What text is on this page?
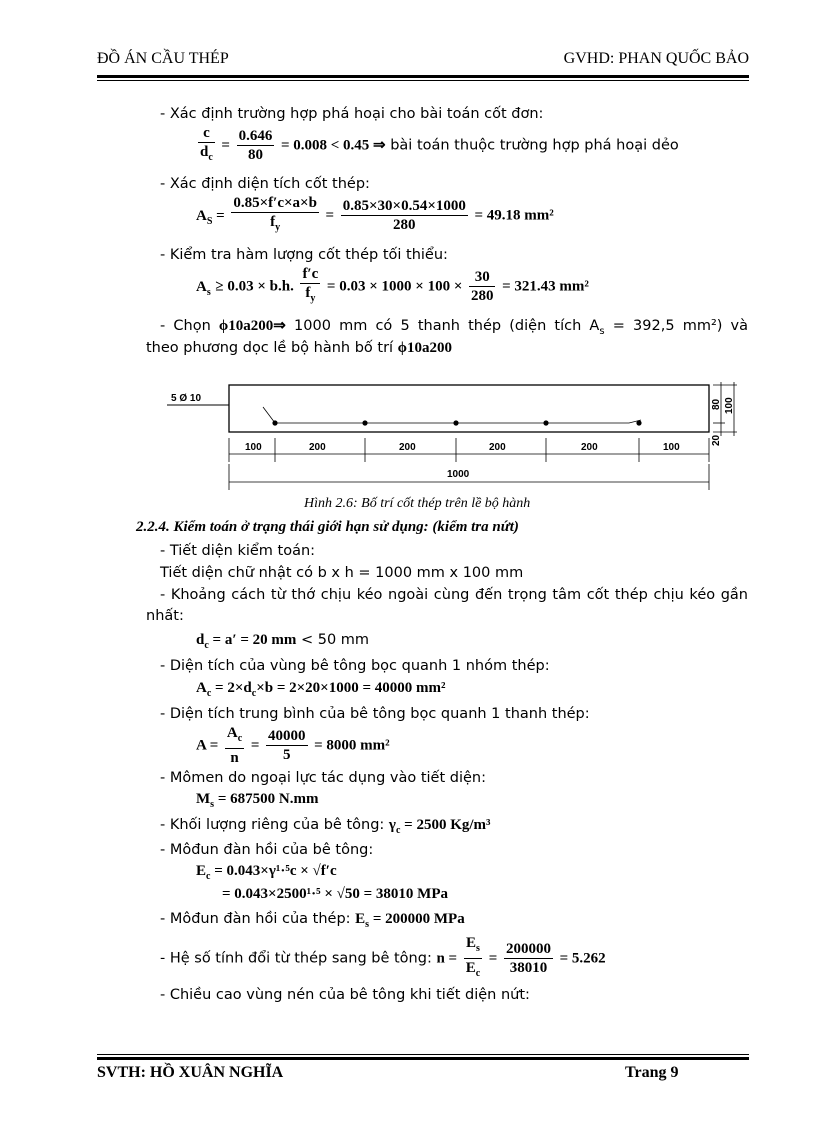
ĐỒ ÁN CẦU THÉP	GVHD: PHAN QUỐC BẢO
- Xác định trường hợp phá hoại cho bài toán cốt đơn:
$\frac{c}{d_c} = \frac{0.646}{80} = 0.008 < 0.45$ ⇒ bài toán thuộc trường hợp phá hoại dẻo
- Xác định diện tích cốt thép:
$A_S = \frac{0.85\times f'c\times a\times b}{f_y} = \frac{0.85\times 30\times 0.54\times 1000}{280} = 49.18$ mm²
- Kiểm tra hàm lượng cốt thép tối thiểu:
$A_s \ge 0.03 \times b.h$. $\frac{f'c}{f_y} = 0.03 \times 1000 \times 100 \times \frac{30}{280} = 321.43$ mm²
- Chọn ϕ10a200⇒ 1000 mm có 5 thanh thép (diện tích $A_s = 392,5$ mm²) và
theo phương dọc lề bộ hành bố trí ϕ10a200
5 Ø 10
100	200	200	200	200	100
1000
80 100
20
Hình 2.6: Bố trí cốt thép trên lề bộ hành
2.2.4. Kiểm toán ở trạng thái giới hạn sử dụng: (kiểm tra nứt)
- Tiết diện kiểm toán:
Tiết diện chữ nhật có b x h = 1000 mm x 100 mm
- Khoảng cách từ thớ chịu kéo ngoài cùng đến trọng tâm cốt thép chịu kéo gần
nhất:
$d_c = a' = 20$ mm < 50 mm
- Diện tích của vùng bê tông bọc quanh 1 nhóm thép:
$A_c = 2\times d_c\times b = 2\times 20\times 1000 = 40000$ mm²
- Diện tích trung bình của bê tông bọc quanh 1 thanh thép:
$A = \frac{A_c}{n} = \frac{40000}{5} = 8000$ mm²
- Mômen do ngoại lực tác dụng vào tiết diện:
$M_s = 687500$ N.mm
- Khối lượng riêng của bê tông: $\gamma_c = 2500$ Kg/m³
- Môđun đàn hồi của bê tông:
$E_c = 0.043\times\gamma^1\cdot^5c \times √f'c$
= 0.043×2500¹·⁵ × √50 = 38010 MPa
- Môđun đàn hồi của thép: $E_s = 200000$ MPa
- Hệ số tính đổi từ thép sang bê tông: $n = \frac{E_s}{E_c} = \frac{200000}{38010} = 5.262$
- Chiều cao vùng nén của bê tông khi tiết diện nứt:
SVTH: HỒ XUÂN NGHĨA	Trang 9
